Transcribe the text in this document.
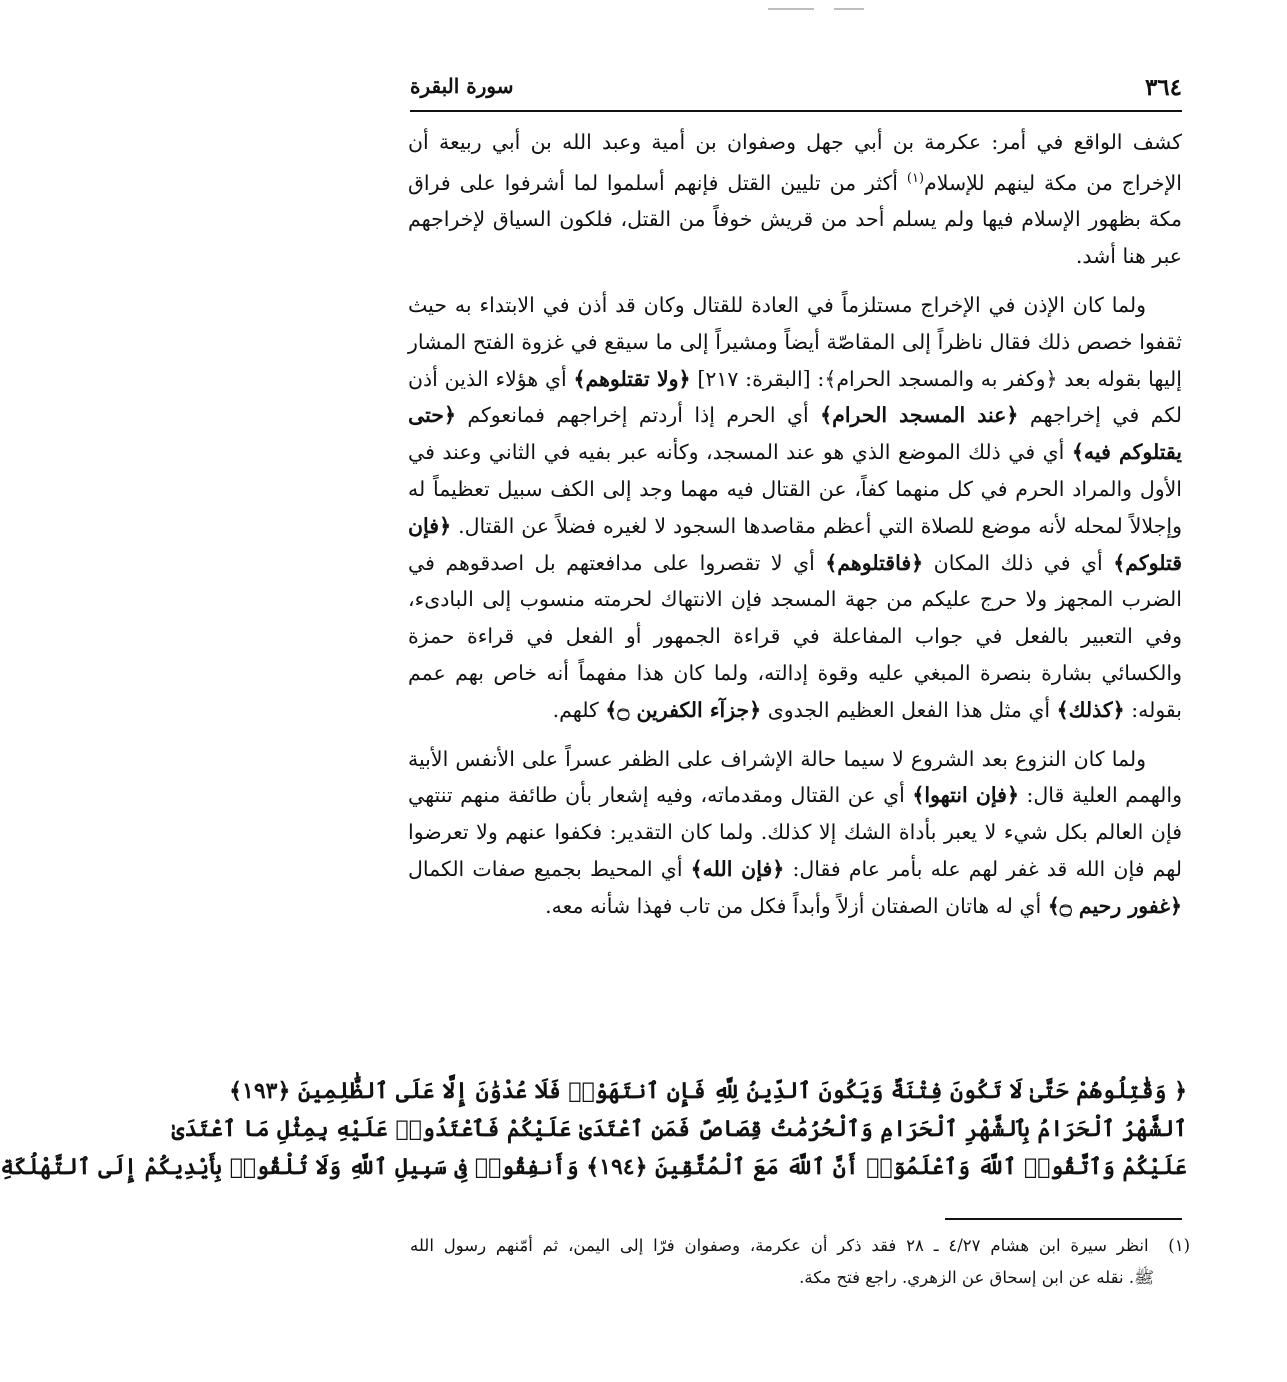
٣٦٤
سورة البقرة

كشف الواقع في أمر: عكرمة بن أبي جهل وصفوان بن أمية وعبد الله بن أبي ربيعة أن الإخراج من مكة لينهم للإسلام$^{(١)}$ أكثر من تليين القتل فإنهم أسلموا لما أشرفوا على فراق مكة بظهور الإسلام فيها ولم يسلم أحد من قريش خوفاً من القتل، فلكون السياق لإخراجهم عبر هنا أشد.

ولما كان الإذن في الإخراج مستلزماً في العادة للقتال وكان قد أذن في الابتداء به حيث ثقفوا خصص ذلك فقال ناظراً إلى المقاصّة أيضاً ومشيراً إلى ما سيقع في غزوة الفتح المشار إليها بقوله بعد ﴿وكفر به والمسجد الحرام﴾: [البقرة: ٢١٧] ﴿ولا تقتلوهم﴾ أي هؤلاء الذين أذن لكم في إخراجهم ﴿عند المسجد الحرام﴾ أي الحرم إذا أردتم إخراجهم فمانعوكم ﴿حتى يقتلوكم فيه﴾ أي في ذلك الموضع الذي هو عند المسجد، وكأنه عبر بفيه في الثاني وعند في الأول والمراد الحرم في كل منهما كفاً، عن القتال فيه مهما وجد إلى الكف سبيل تعظيماً له وإجلالاً لمحله لأنه موضع للصلاة التي أعظم مقاصدها السجود لا لغيره فضلاً عن القتال. ﴿فإن قتلوكم﴾ أي في ذلك المكان ﴿فاقتلوهم﴾ أي لا تقصروا على مدافعتهم بل اصدقوهم في الضرب المجهز ولا حرج عليكم من جهة المسجد فإن الانتهاك لحرمته منسوب إلى البادىء، وفي التعبير بالفعل في جواب المفاعلة في قراءة الجمهور أو الفعل في قراءة حمزة والكسائي بشارة بنصرة المبغي عليه وقوة إدالته، ولما كان هذا مفهماً أنه خاص بهم عمم بقوله: ﴿كذلك﴾ أي مثل هذا الفعل العظيم الجدوى ﴿جزآء الكفرين ۝﴾ كلهم.

ولما كان النزوع بعد الشروع لا سيما حالة الإشراف على الظفر عسراً على الأنفس الأبية والهمم العلية قال: ﴿فإن انتهوا﴾ أي عن القتال ومقدماته، وفيه إشعار بأن طائفة منهم تنتهي فإن العالم بكل شيء لا يعبر بأداة الشك إلا كذلك. ولما كان التقدير: فكفوا عنهم ولا تعرضوا لهم فإن الله قد غفر لهم عله بأمر عام فقال: ﴿فإن الله﴾ أي المحيط بجميع صفات الكمال ﴿غفور رحيم ۝﴾ أي له هاتان الصفتان أزلاً وأبداً فكل من تاب فهذا شأنه معه.

﴿ وَقَٰتِلُوهُمْ حَتَّىٰ لَا تَكُونَ فِتْنَةٌ وَيَكُونَ ٱلدِّينُ لِلَّهِ فَإِنِ ٱنتَهَوْا۟ فَلَا عُدْوَٰنَ إِلَّا عَلَى ٱلظَّٰلِمِينَ ﴿١٩٣﴾
ٱلشَّهْرُ ٱلْحَرَامُ بِٱلشَّهْرِ ٱلْحَرَامِ وَٱلْحُرُمَٰتُ قِصَاصٌ فَمَنِ ٱعْتَدَىٰ عَلَيْكُمْ فَٱعْتَدُوا۟ عَلَيْهِ بِمِثْلِ مَا ٱعْتَدَىٰ
عَلَيْكُمْ وَٱتَّقُوا۟ ٱللَّهَ وَٱعْلَمُوٓا۟ أَنَّ ٱللَّهَ مَعَ ٱلْمُتَّقِينَ ﴿١٩٤﴾ وَأَنفِقُوا۟ فِى سَبِيلِ ٱللَّهِ وَلَا تُلْقُوا۟ بِأَيْدِيكُمْ إِلَى ٱلتَّهْلُكَةِ
(١)  انظر سيرة ابن هشام ٤/٢٧ ـ ٢٨ فقد ذكر أن عكرمة، وصفوان فرّا إلى اليمن، ثم أمّنهم رسول الله
ﷺ. نقله عن ابن إسحاق عن الزهري. راجع فتح مكة.
